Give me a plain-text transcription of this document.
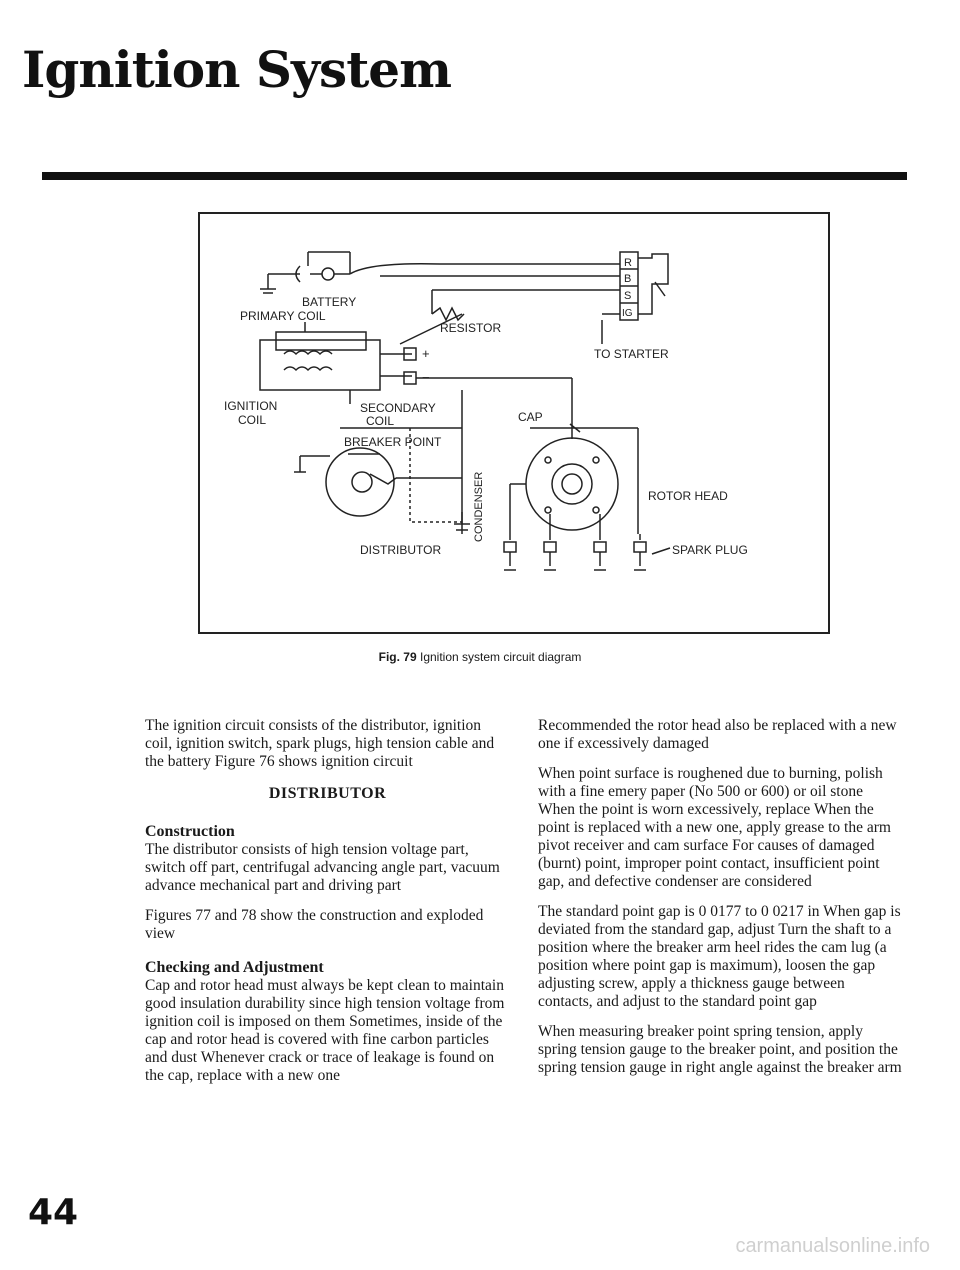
Ignition System
BATTERY
PRIMARY COIL
RESISTOR
TO STARTER
IGNITION
COIL
SECONDARY
COIL	CAP
BREAKER POINT
CONDENSER	ROTOR HEAD
DISTRIBUTOR	SPARK PLUG
R
B
S
IG
+
−
Fig. 79 Ignition system circuit diagram

The ignition circuit consists of the distributor, ignition coil, ignition switch, spark plugs, high tension cable and the battery Figure 76 shows ignition circuit

DISTRIBUTOR
Construction

The distributor consists of high tension voltage part, switch off part, centrifugal advancing angle part, vacuum advance mechanical part and driving part

Figures 77 and 78 show the construction and exploded view

Checking and Adjustment

Cap and rotor head must always be kept clean to maintain good insulation durability since high tension voltage from ignition coil is imposed on them Sometimes, inside of the cap and rotor head is covered with fine carbon particles and dust Whenever crack or trace of leakage is found on the cap, replace with a new one

Recommended the rotor head also be replaced with a new one if excessively damaged

When point surface is roughened due to burning, polish with a fine emery paper (No 500 or 600) or oil stone When the point is worn excessively, replace When the point is replaced with a new one, apply grease to the arm pivot receiver and cam surface For causes of damaged (burnt) point, improper point contact, insufficient point gap, and defective condenser are considered

The standard point gap is 0 0177 to 0 0217 in When gap is deviated from the standard gap, adjust Turn the shaft to a position where the breaker arm heel rides the cam lug (a position where point gap is maximum), loosen the gap adjusting screw, apply a thickness gauge between contacts, and adjust to the standard point gap

When measuring breaker point spring tension, apply spring tension gauge to the breaker point, and position the spring tension gauge in right angle against the breaker arm

44
carmanualsonline.info
